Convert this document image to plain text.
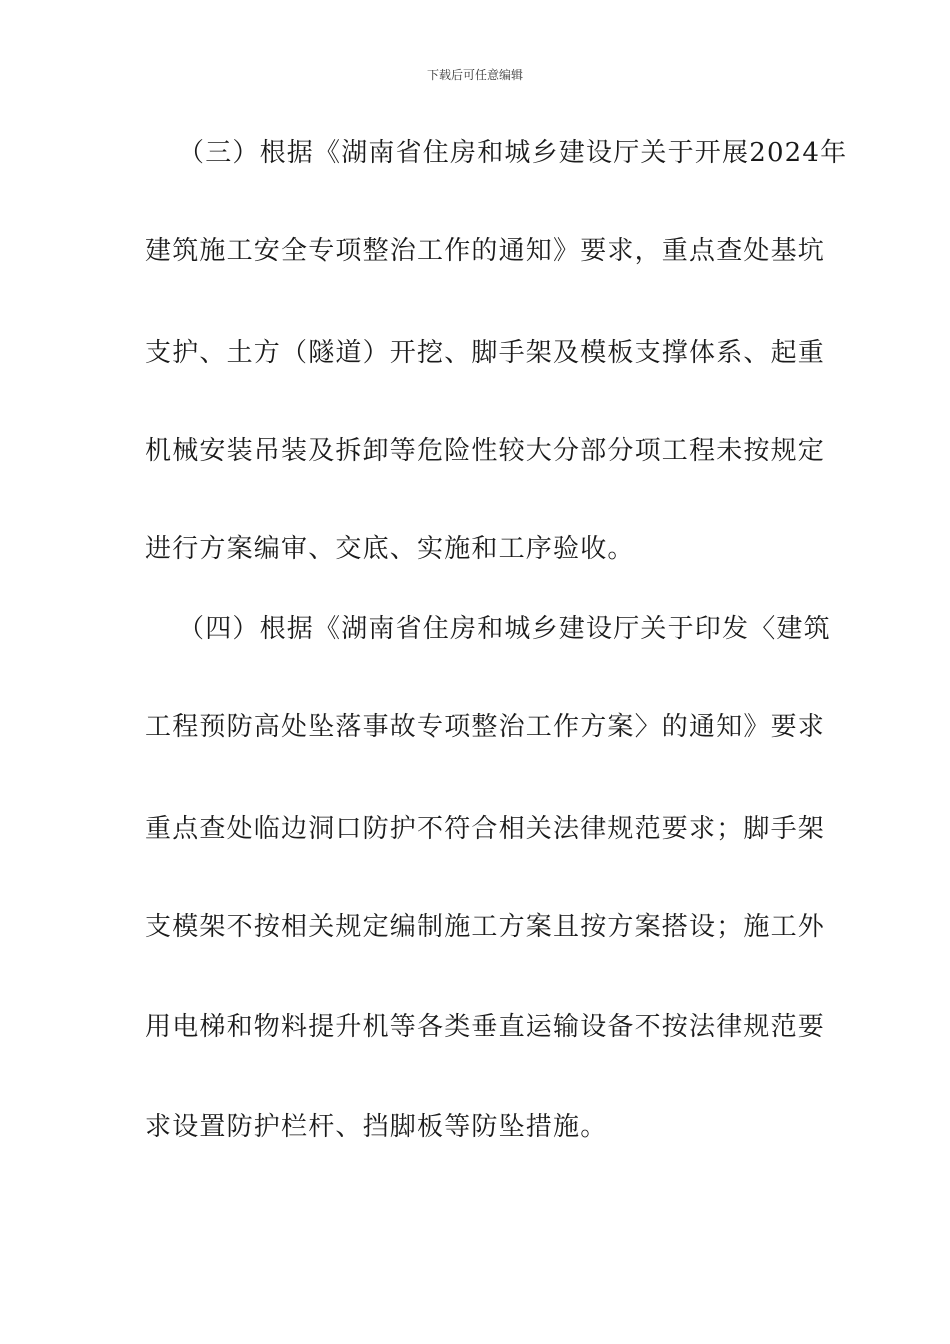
下载后可任意编辑
（三）根据《湖南省住房和城乡建设厅关于开展2024年
建筑施工安全专项整治工作的通知》要求，重点查处基坑
支护、土方（隧道）开挖、脚手架及模板支撑体系、起重
机械安装吊装及拆卸等危险性较大分部分项工程未按规定
进行方案编审、交底、实施和工序验收。
（四）根据《湖南省住房和城乡建设厅关于印发〈建筑
工程预防高处坠落事故专项整治工作方案〉的通知》要求
重点查处临边洞口防护不符合相关法律规范要求；脚手架
支模架不按相关规定编制施工方案且按方案搭设；施工外
用电梯和物料提升机等各类垂直运输设备不按法律规范要
求设置防护栏杆、挡脚板等防坠措施。
